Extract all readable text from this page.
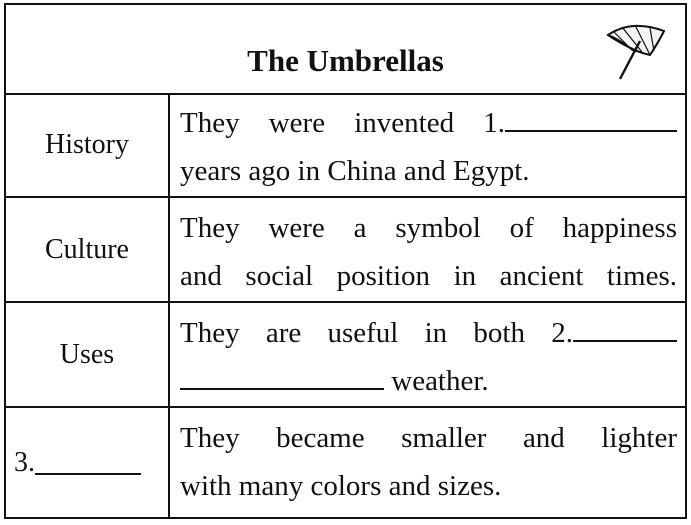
The Umbrellas
History
They were invented 1.
years ago in China and Egypt.
Culture
They were a symbol of happiness
and social position in ancient times.
Uses
They are useful in both 2.
weather.
3.
They became smaller and lighter
with many colors and sizes.
